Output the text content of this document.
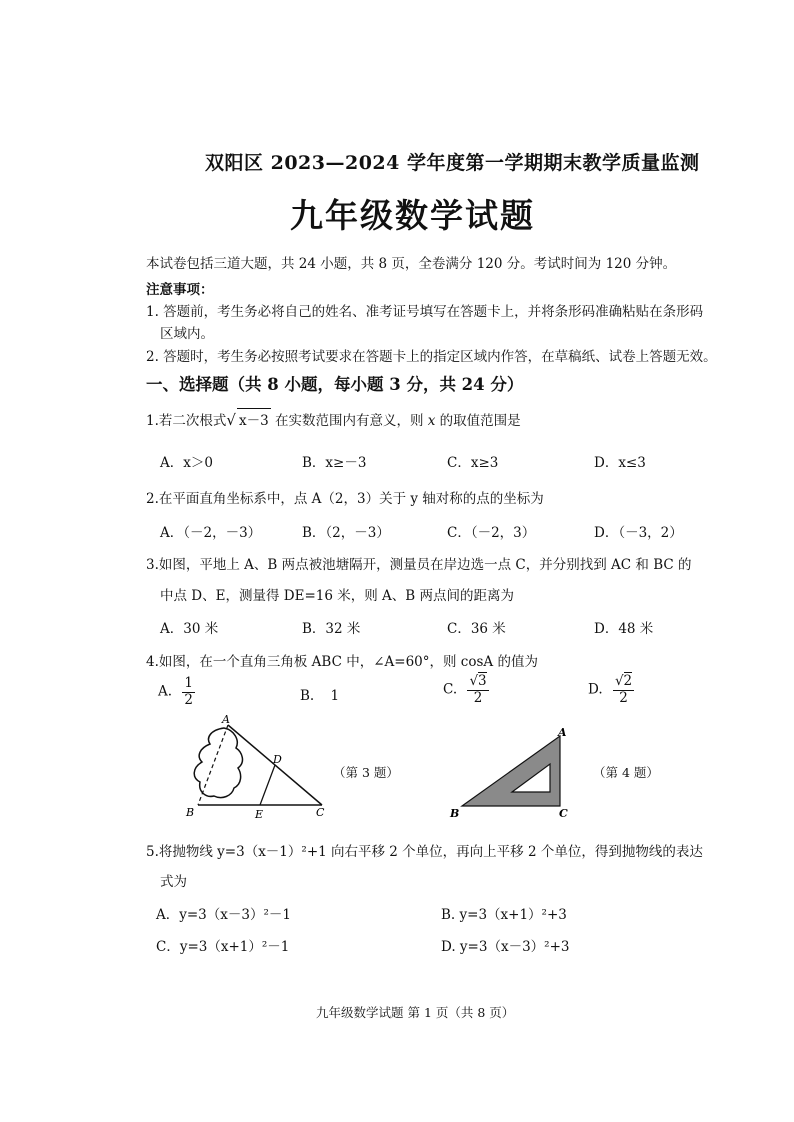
双阳区 2023—2024 学年度第一学期期末教学质量监测
九年级数学试题
本试卷包括三道大题，共 24 小题，共 8 页，全卷满分 120 分。考试时间为 120 分钟。
注意事项：
1. 答题前，考生务必将自己的姓名、准考证号填写在答题卡上，并将条形码准确粘贴在条形码
区域内。
2. 答题时，考生务必按照考试要求在答题卡上的指定区域内作答，在草稿纸、试卷上答题无效。
一、选择题（共 8 小题，每小题 3 分，共 24 分）
1.若二次根式√ x－3 在实数范围内有意义，则 x 的取值范围是
A．x＞0	B．x≥－3	C．x≥3	D．x≤3
2.在平面直角坐标系中，点 A（2，3）关于 y 轴对称的点的坐标为
A．（－2，－3）	B．（2，－3）	C．（－2，3）	D．（－3，2）
3.如图，平地上 A、B 两点被池塘隔开，测量员在岸边选一点 C，并分别找到 AC 和 BC 的
中点 D、E，测量得 DE=16 米，则 A、B 两点间的距离为
A．30 米	B．32 米	C．36 米	D．48 米
4.如图，在一个直角三角板 ABC 中，∠A=60°，则 cosA 的值为
A. $\frac{1}{2}$	B. 1	C. $\frac{√3}{2}$	D. $\frac{√2}{2}$
A
B	C
D
E
（第 3 题）
A
B	C
（第 4 题）
5.将抛物线 y=3（x－1）²+1 向右平移 2 个单位，再向上平移 2 个单位，得到抛物线的表达
式为
A．y=3（x－3）²－1	B. y=3（x+1）²+3
C．y=3（x+1）²－1	D. y=3（x－3）²+3
九年级数学试题 第 1 页（共 8 页）
